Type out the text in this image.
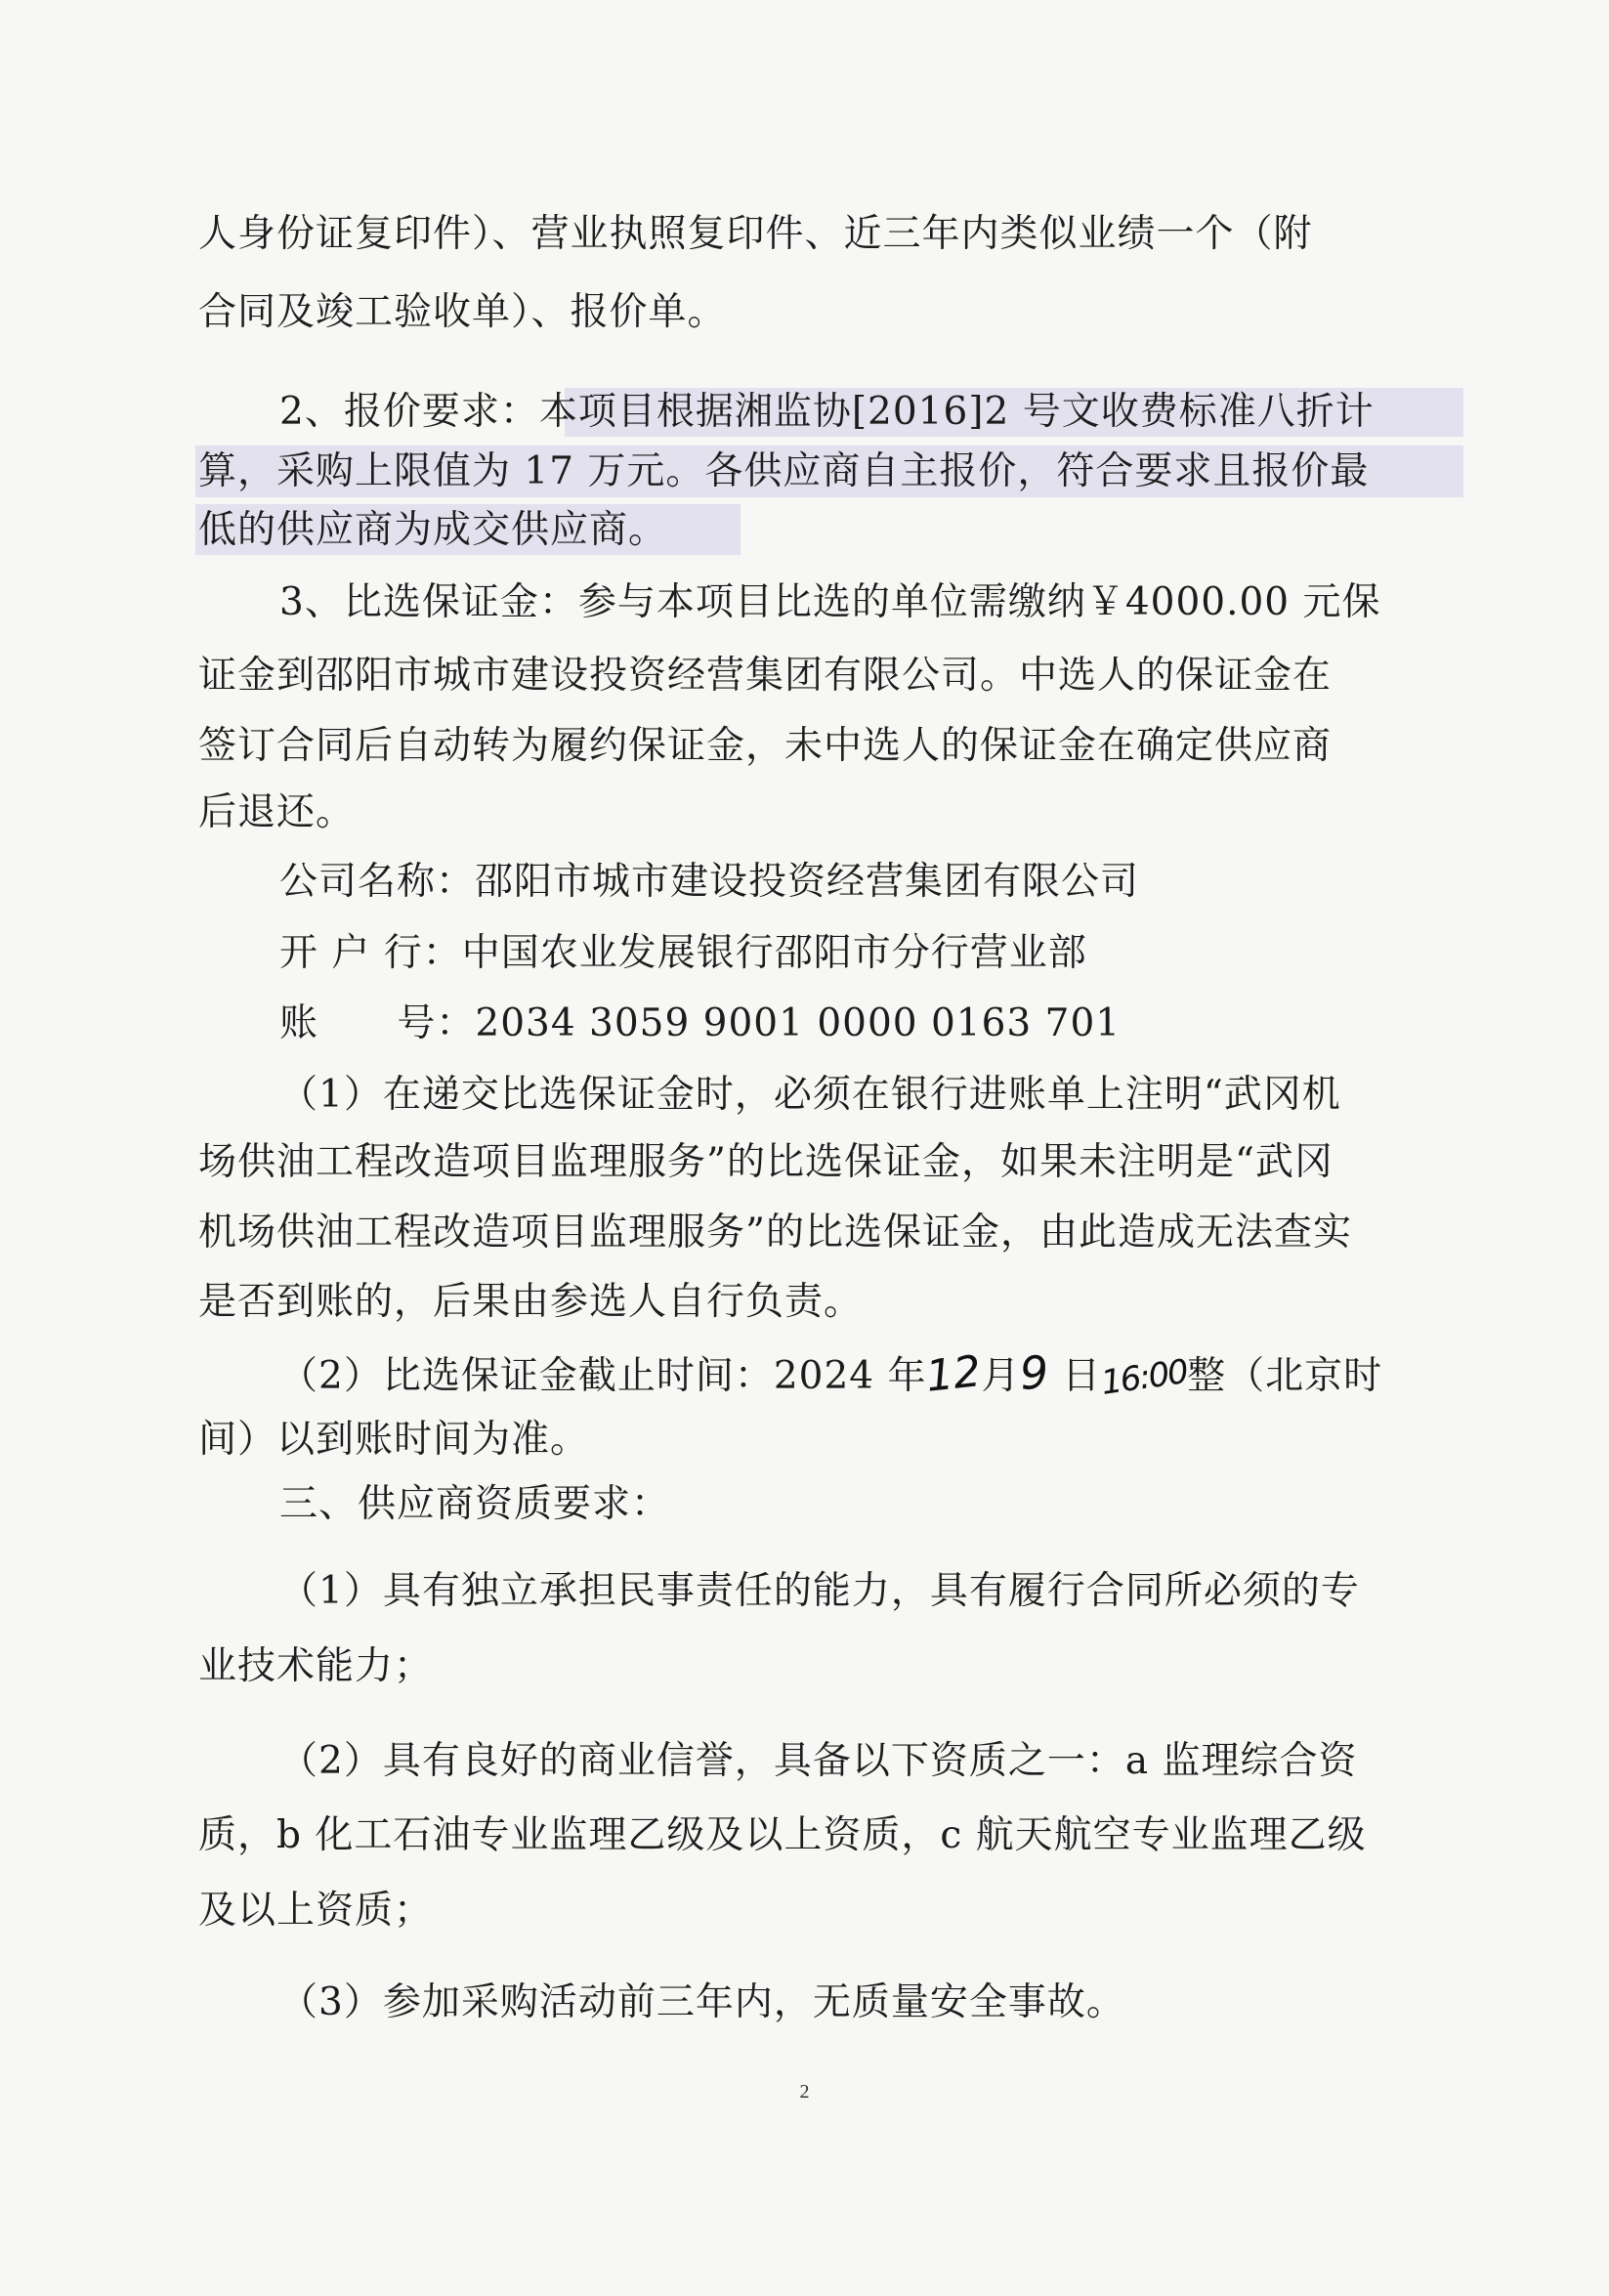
人身份证复印件）、营业执照复印件、近三年内类似业绩一个（附

合同及竣工验收单）、报价单。

2、报价要求：本项目根据湘监协[2016]2 号文收费标准八折计

算，采购上限值为 17 万元。各供应商自主报价，符合要求且报价最

低的供应商为成交供应商。

3、比选保证金：参与本项目比选的单位需缴纳￥4000.00 元保

证金到邵阳市城市建设投资经营集团有限公司。中选人的保证金在

签订合同后自动转为履约保证金，未中选人的保证金在确定供应商

后退还。

公司名称：邵阳市城市建设投资经营集团有限公司

开 户 行：中国农业发展银行邵阳市分行营业部

账      号：2034 3059 9001 0000 0163 701

（1）在递交比选保证金时，必须在银行进账单上注明“武冈机

场供油工程改造项目监理服务”的比选保证金，如果未注明是“武冈

机场供油工程改造项目监理服务”的比选保证金，由此造成无法查实

是否到账的，后果由参选人自行负责。

（2）比选保证金截止时间：2024 年12月9 日16:00整（北京时

间）以到账时间为准。

三、供应商资质要求：

（1）具有独立承担民事责任的能力，具有履行合同所必须的专

业技术能力；

（2）具有良好的商业信誉，具备以下资质之一：a 监理综合资

质，b 化工石油专业监理乙级及以上资质，c 航天航空专业监理乙级

及以上资质；

（3）参加采购活动前三年内，无质量安全事故。

2
